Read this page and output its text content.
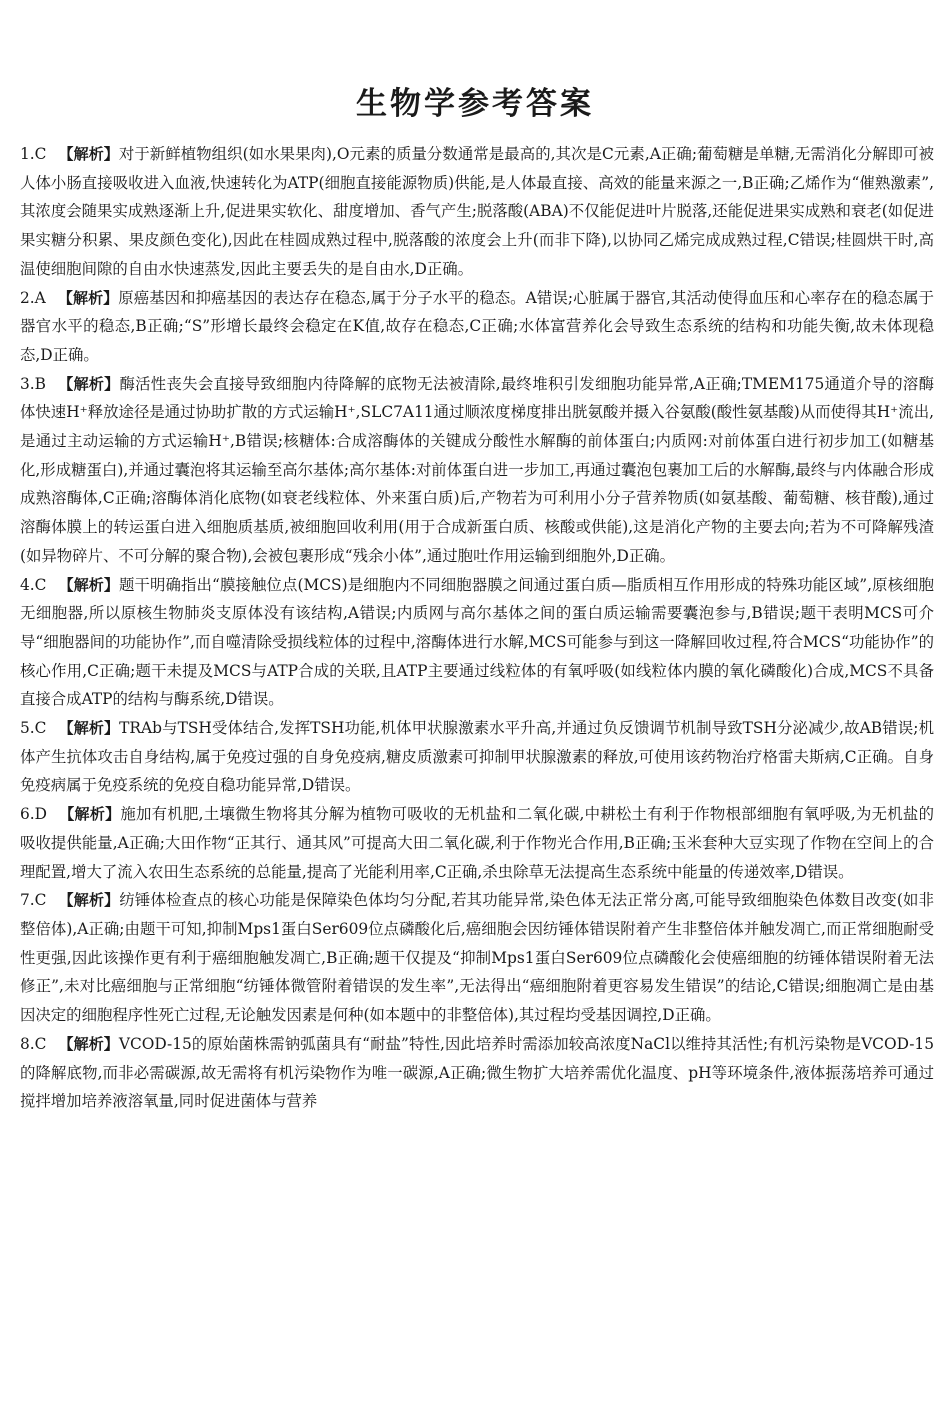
生物学参考答案

1.C 【解析】对于新鲜植物组织(如水果果肉),O元素的质量分数通常是最高的,其次是C元素,A正确;葡萄糖是单糖,无需消化分解即可被人体小肠直接吸收进入血液,快速转化为ATP(细胞直接能源物质)供能,是人体最直接、高效的能量来源之一,B正确;乙烯作为“催熟激素”,其浓度会随果实成熟逐渐上升,促进果实软化、甜度增加、香气产生;脱落酸(ABA)不仅能促进叶片脱落,还能促进果实成熟和衰老(如促进果实糖分积累、果皮颜色变化),因此在桂圆成熟过程中,脱落酸的浓度会上升(而非下降),以协同乙烯完成成熟过程,C错误;桂圆烘干时,高温使细胞间隙的自由水快速蒸发,因此主要丢失的是自由水,D正确。

2.A 【解析】原癌基因和抑癌基因的表达存在稳态,属于分子水平的稳态。A错误;心脏属于器官,其活动使得血压和心率存在的稳态属于器官水平的稳态,B正确;“S”形增长最终会稳定在K值,故存在稳态,C正确;水体富营养化会导致生态系统的结构和功能失衡,故未体现稳态,D正确。

3.B 【解析】酶活性丧失会直接导致细胞内待降解的底物无法被清除,最终堆积引发细胞功能异常,A正确;TMEM175通道介导的溶酶体快速H⁺释放途径是通过协助扩散的方式运输H⁺,SLC7A11通过顺浓度梯度排出胱氨酸并摄入谷氨酸(酸性氨基酸)从而使得其H⁺流出,是通过主动运输的方式运输H⁺,B错误;核糖体:合成溶酶体的关键成分酸性水解酶的前体蛋白;内质网:对前体蛋白进行初步加工(如糖基化,形成糖蛋白),并通过囊泡将其运输至高尔基体;高尔基体:对前体蛋白进一步加工,再通过囊泡包裹加工后的水解酶,最终与内体融合形成成熟溶酶体,C正确;溶酶体消化底物(如衰老线粒体、外来蛋白质)后,产物若为可利用小分子营养物质(如氨基酸、葡萄糖、核苷酸),通过溶酶体膜上的转运蛋白进入细胞质基质,被细胞回收利用(用于合成新蛋白质、核酸或供能),这是消化产物的主要去向;若为不可降解残渣(如异物碎片、不可分解的聚合物),会被包裹形成“残余小体”,通过胞吐作用运输到细胞外,D正确。

4.C 【解析】题干明确指出“膜接触位点(MCS)是细胞内不同细胞器膜之间通过蛋白质—脂质相互作用形成的特殊功能区域”,原核细胞无细胞器,所以原核生物肺炎支原体没有该结构,A错误;内质网与高尔基体之间的蛋白质运输需要囊泡参与,B错误;题干表明MCS可介导“细胞器间的功能协作”,而自噬清除受损线粒体的过程中,溶酶体进行水解,MCS可能参与到这一降解回收过程,符合MCS“功能协作”的核心作用,C正确;题干未提及MCS与ATP合成的关联,且ATP主要通过线粒体的有氧呼吸(如线粒体内膜的氧化磷酸化)合成,MCS不具备直接合成ATP的结构与酶系统,D错误。

5.C 【解析】TRAb与TSH受体结合,发挥TSH功能,机体甲状腺激素水平升高,并通过负反馈调节机制导致TSH分泌减少,故AB错误;机体产生抗体攻击自身结构,属于免疫过强的自身免疫病,糖皮质激素可抑制甲状腺激素的释放,可使用该药物治疗格雷夫斯病,C正确。自身免疫病属于免疫系统的免疫自稳功能异常,D错误。

6.D 【解析】施加有机肥,土壤微生物将其分解为植物可吸收的无机盐和二氧化碳,中耕松土有利于作物根部细胞有氧呼吸,为无机盐的吸收提供能量,A正确;大田作物“正其行、通其风”可提高大田二氧化碳,利于作物光合作用,B正确;玉米套种大豆实现了作物在空间上的合理配置,增大了流入农田生态系统的总能量,提高了光能利用率,C正确,杀虫除草无法提高生态系统中能量的传递效率,D错误。

7.C 【解析】纺锤体检查点的核心功能是保障染色体均匀分配,若其功能异常,染色体无法正常分离,可能导致细胞染色体数目改变(如非整倍体),A正确;由题干可知,抑制Mps1蛋白Ser609位点磷酸化后,癌细胞会因纺锤体错误附着产生非整倍体并触发凋亡,而正常细胞耐受性更强,因此该操作更有利于癌细胞触发凋亡,B正确;题干仅提及“抑制Mps1蛋白Ser609位点磷酸化会使癌细胞的纺锤体错误附着无法修正”,未对比癌细胞与正常细胞“纺锤体微管附着错误的发生率”,无法得出“癌细胞附着更容易发生错误”的结论,C错误;细胞凋亡是由基因决定的细胞程序性死亡过程,无论触发因素是何种(如本题中的非整倍体),其过程均受基因调控,D正确。

8.C 【解析】VCOD-15的原始菌株需钠弧菌具有“耐盐”特性,因此培养时需添加较高浓度NaCl以维持其活性;有机污染物是VCOD-15的降解底物,而非必需碳源,故无需将有机污染物作为唯一碳源,A正确;微生物扩大培养需优化温度、pH等环境条件,液体振荡培养可通过搅拌增加培养液溶氧量,同时促进菌体与营养
